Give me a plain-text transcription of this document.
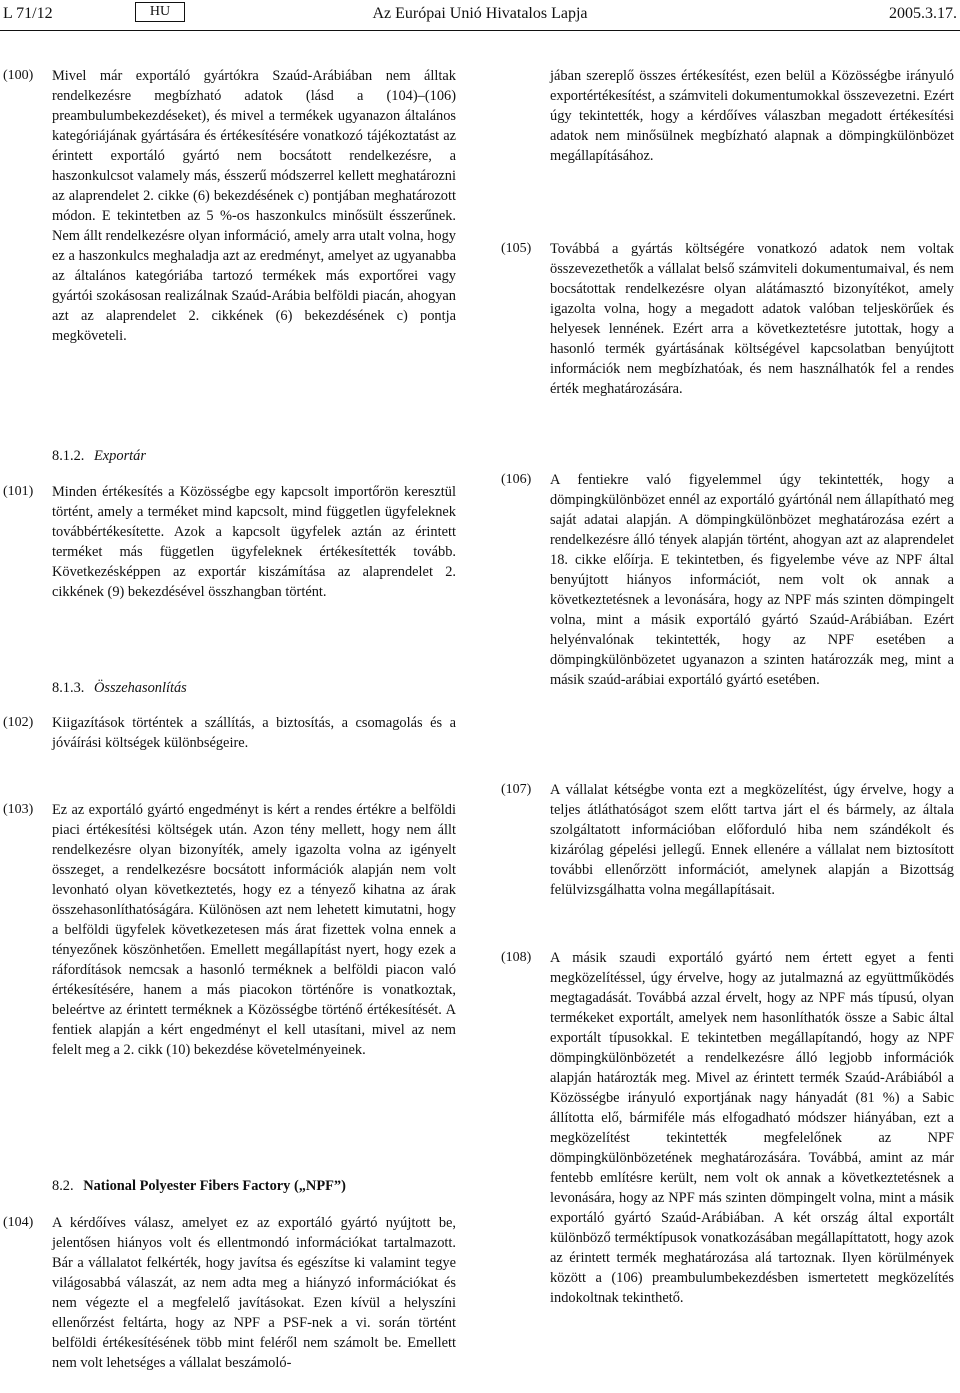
L 71/12	HU	Az Európai Unió Hivatalos Lapja	2005.3.17.
(100)	Mivel már exportáló gyártókra Szaúd-Arábiában nem álltak rendelkezésre megbízható adatok (lásd a (104)–(106) preambulumbekezdéseket), és mivel a termékek ugyanazon általános kategóriájának gyártására és értékesítésére vonatkozó tájékoztatást az érintett exportáló gyártó nem bocsátott rendelkezésre, a haszonkulcsot valamely más, ésszerű módszerrel kellett meghatározni az alaprendelet 2. cikke (6) bekezdésének c) pontjában meghatározott módon. E tekintetben az 5 %-os haszonkulcs minősült ésszerűnek. Nem állt rendelkezésre olyan információ, amely arra utalt volna, hogy ez a haszonkulcs meghaladja azt az eredményt, amelyet az ugyanabba az általános kategóriába tartozó termékek más exportőrei vagy gyártói szokásosan realizálnak Szaúd-Arábia belföldi piacán, ahogyan azt az alaprendelet 2. cikkének (6) bekezdésének c) pontja megköveteli.
8.1.2. Exportár
(101)	Minden értékesítés a Közösségbe egy kapcsolt importőrön keresztül történt, amely a terméket mind kapcsolt, mind független ügyfeleknek továbbértékesítette. Azok a kapcsolt ügyfelek aztán az érintett terméket más független ügyfeleknek értékesítették tovább. Következésképpen az exportár kiszámítása az alaprendelet 2. cikkének (9) bekezdésével összhangban történt.
8.1.3. Összehasonlítás
(102)	Kiigazítások történtek a szállítás, a biztosítás, a csomagolás és a jóváírási költségek különbségeire.
(103)	Ez az exportáló gyártó engedményt is kért a rendes értékre a belföldi piaci értékesítési költségek után. Azon tény mellett, hogy nem állt rendelkezésre olyan bizonyíték, amely igazolta volna az igényelt összeget, a rendelkezésre bocsátott információk alapján nem volt levonható olyan következtetés, hogy ez a tényező kihatna az árak összehasonlíthatóságára. Különösen azt nem lehetett kimutatni, hogy a belföldi ügyfelek következetesen más árat fizettek volna ennek a tényezőnek köszönhetően. Emellett megállapítást nyert, hogy ezek a ráfordítások nemcsak a hasonló terméknek a belföldi piacon való értékesítésére, hanem a más piacokon történőre is vonatkoztak, beleértve az érintett terméknek a Közösségbe történő értékesítését. A fentiek alapján a kért engedményt el kell utasítani, mivel az nem felelt meg a 2. cikk (10) bekezdése követelményeinek.
8.2. National Polyester Fibers Factory („NPF”)
(104)	A kérdőíves válasz, amelyet ez az exportáló gyártó nyújtott be, jelentősen hiányos volt és ellentmondó információkat tartalmazott. Bár a vállalatot felkérték, hogy javítsa és egészítse ki valamint tegye világosabbá válaszát, az nem adta meg a hiányzó információkat és nem végezte el a megfelelő javításokat. Ezen kívül a helyszíni ellenőrzést feltárta, hogy az NPF a PSF-nek a vi. során történt belföldi értékesítésének több mint feléről nem számolt be. Emellett nem volt lehetséges a vállalat beszámoló-
jában szereplő összes értékesítést, ezen belül a Közösségbe irányuló exportértékesítést, a számviteli dokumentumokkal összevezetni. Ezért úgy tekintették, hogy a kérdőíves válaszban megadott értékesítési adatok nem minősülnek megbízható alapnak a dömpingkülönbözet megállapításához.
(105)	Továbbá a gyártás költségére vonatkozó adatok nem voltak összevezethetők a vállalat belső számviteli dokumentumaival, és nem bocsátottak rendelkezésre olyan alátámasztó bizonyítékot, amely igazolta volna, hogy a megadott adatok valóban teljeskörűek és helyesek lennének. Ezért arra a következtetésre jutottak, hogy a hasonló termék gyártásának költségével kapcsolatban benyújtott információk nem megbízhatóak, és nem használhatók fel a rendes érték meghatározására.
(106)	A fentiekre való figyelemmel úgy tekintették, hogy a dömpingkülönbözet ennél az exportáló gyártónál nem állapítható meg saját adatai alapján. A dömpingkülönbözet meghatározása ezért a rendelkezésre álló tények alapján történt, ahogyan azt az alaprendelet 18. cikke előírja. E tekintetben, és figyelembe véve az NPF által benyújtott hiányos információt, nem volt ok annak a következtetésnek a levonására, hogy az NPF más szinten dömpingelt volna, mint a másik exportáló gyártó Szaúd-Arábiában. Ezért helyénvalónak tekintették, hogy az NPF esetében a dömpingkülönbözetet ugyanazon a szinten határozzák meg, mint a másik szaúd-arábiai exportáló gyártó esetében.
(107)	A vállalat kétségbe vonta ezt a megközelítést, úgy érvelve, hogy a teljes átláthatóságot szem előtt tartva járt el és bármely, az általa szolgáltatott információban előforduló hiba nem szándékolt és kizárólag gépelési jellegű. Ennek ellenére a vállalat nem biztosított további ellenőrzött információt, amelynek alapján a Bizottság felülvizsgálhatta volna megállapításait.
(108)	A másik szaudi exportáló gyártó nem értett egyet a fenti megközelítéssel, úgy érvelve, hogy az jutalmazná az együttműködés megtagadását. Továbbá azzal érvelt, hogy az NPF más típusú, olyan termékeket exportált, amelyek nem hasonlíthatók össze a Sabic által exportált típusokkal. E tekintetben megállapítandó, hogy az NPF dömpingkülönbözetét a rendelkezésre álló legjobb információk alapján határozták meg. Mivel az érintett termék Szaúd-Arábiából a Közösségbe irányuló exportjának nagy hányadát (81 %) a Sabic állította elő, bármiféle más elfogadható módszer hiányában, ezt a megközelítést tekintették megfelelőnek az NPF dömpingkülönbözetének meghatározására. Továbbá, amint az már fentebb említésre került, nem volt ok annak a következtetésnek a levonására, hogy az NPF más szinten dömpingelt volna, mint a másik exportáló gyártó Szaúd-Arábiában. A két ország által exportált különböző terméktípusok vonatkozásában megállapíttatott, hogy azok az érintett termék meghatározása alá tartoznak. Ilyen körülmények között a (106) preambulumbekezdésben ismertetett megközelítés indokoltnak tekinthető.
